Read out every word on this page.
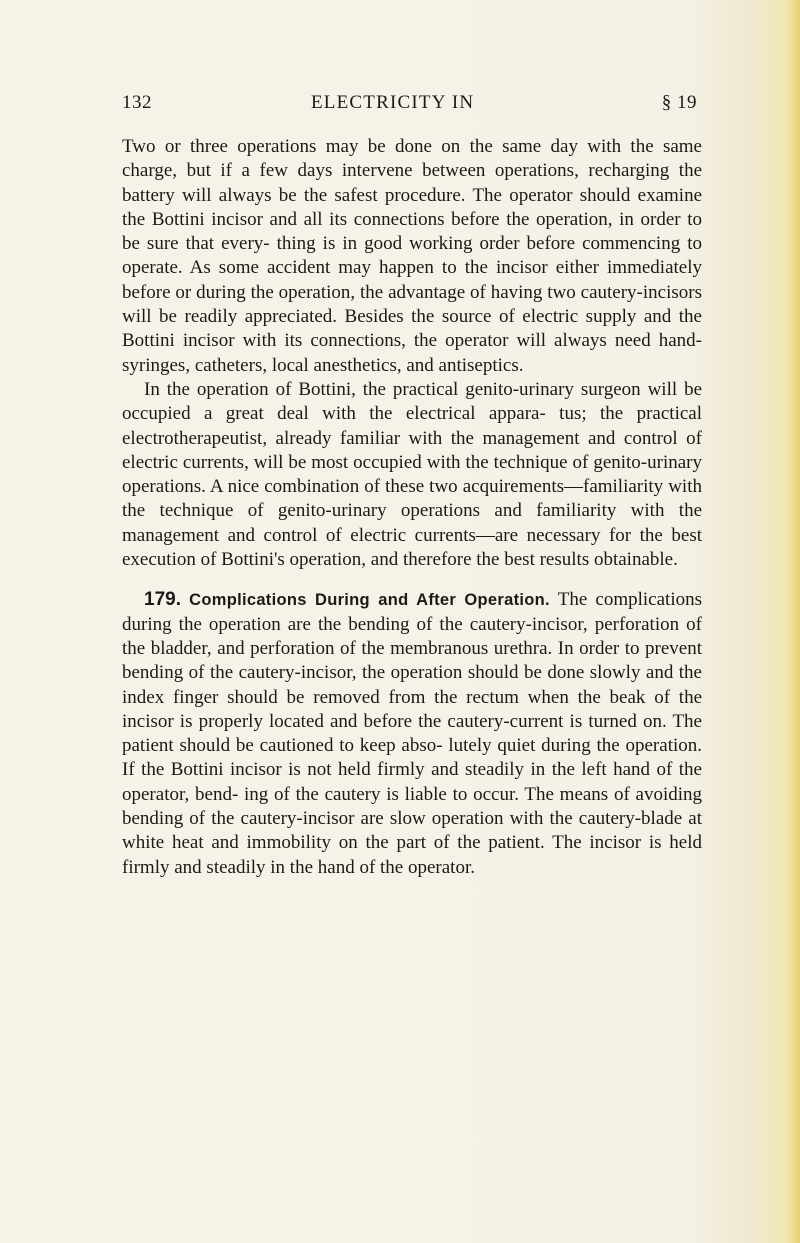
132	ELECTRICITY IN	§ 19

Two or three operations may be done on the same day with the same charge, but if a few days intervene between operations, recharging the battery will always be the safest procedure. The operator should examine the Bottini incisor and all its connections before the operation, in order to be sure that every- thing is in good working order before commencing to operate. As some accident may happen to the incisor either immediately before or during the operation, the advantage of having two cautery-incisors will be readily appreciated. Besides the source of electric supply and the Bottini incisor with its connections, the operator will always need hand-syringes, catheters, local anesthetics, and antiseptics.

In the operation of Bottini, the practical genito-urinary surgeon will be occupied a great deal with the electrical appara- tus; the practical electrotherapeutist, already familiar with the management and control of electric currents, will be most occupied with the technique of genito-urinary operations. A nice combination of these two acquirements—familiarity with the technique of genito-urinary operations and familiarity with the management and control of electric currents—are necessary for the best execution of Bottini's operation, and therefore the best results obtainable.

179. Complications During and After Operation. The complications during the operation are the bending of the cautery-incisor, perforation of the bladder, and perforation of the membranous urethra. In order to prevent bending of the cautery-incisor, the operation should be done slowly and the index finger should be removed from the rectum when the beak of the incisor is properly located and before the cautery-current is turned on. The patient should be cautioned to keep abso- lutely quiet during the operation. If the Bottini incisor is not held firmly and steadily in the left hand of the operator, bend- ing of the cautery is liable to occur. The means of avoiding bending of the cautery-incisor are slow operation with the cautery-blade at white heat and immobility on the part of the patient. The incisor is held firmly and steadily in the hand of the operator.
